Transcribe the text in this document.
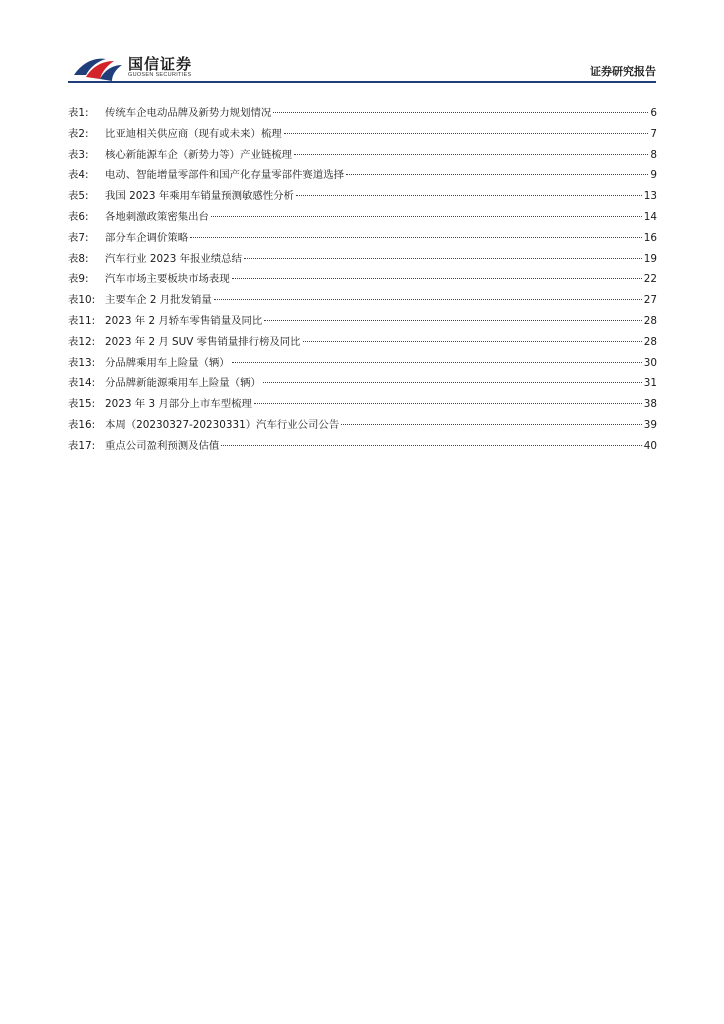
国信证券
GUOSEN SECURITIES	证券研究报告
表1:	传统车企电动品牌及新势力规划情况	6
表2:	比亚迪相关供应商（现有或未来）梳理	7
表3:	核心新能源车企（新势力等）产业链梳理	8
表4:	电动、智能增量零部件和国产化存量零部件赛道选择	9
表5:	我国 2023 年乘用车销量预测敏感性分析	13
表6:	各地刺激政策密集出台	14
表7:	部分车企调价策略	16
表8:	汽车行业 2023 年报业绩总结	19
表9:	汽车市场主要板块市场表现	22
表10: 主要车企 2 月批发销量	27
表11: 2023 年 2 月轿车零售销量及同比	28
表12: 2023 年 2 月 SUV 零售销量排行榜及同比	28
表13: 分品牌乘用车上险量（辆）	30
表14: 分品牌新能源乘用车上险量（辆）	31
表15: 2023 年 3 月部分上市车型梳理	38
表16: 本周（20230327-20230331）汽车行业公司公告	39
表17: 重点公司盈利预测及估值	40
